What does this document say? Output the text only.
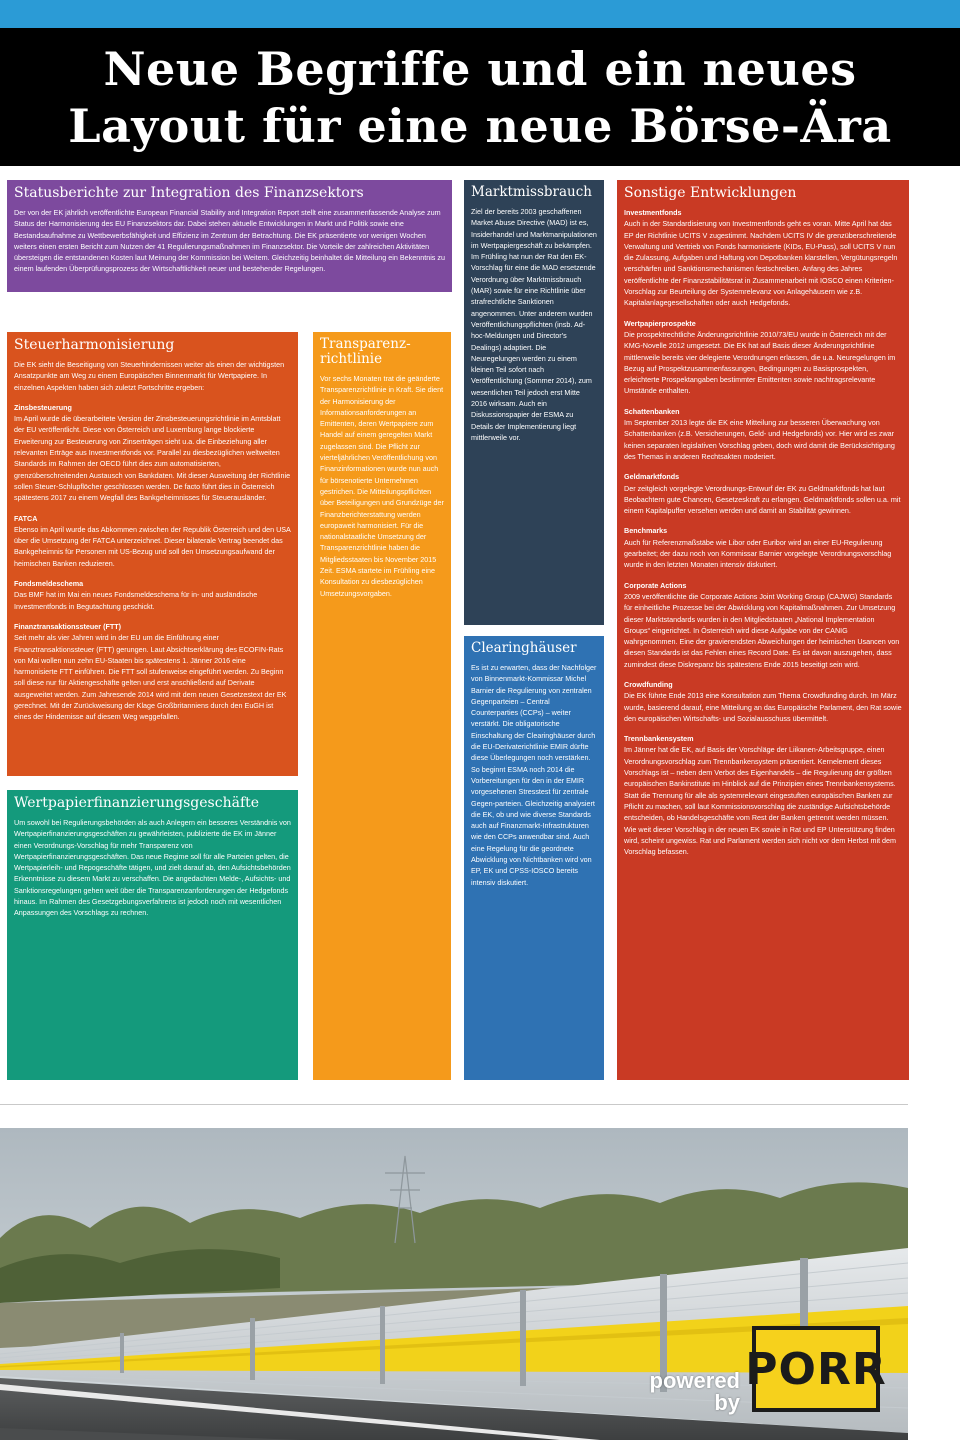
Neue Begriffe und ein neues
Layout für eine neue Börse-Ära
Statusberichte zur Integration des Finanzsektors

Der von der EK jährlich veröffentlichte European Financial Stability and Integration Report stellt eine zusammenfassende Analyse zum Status der Harmonisierung des EU Finanzsektors dar. Dabei stehen aktuelle Entwicklungen in Markt und Politik sowie eine Bestandsaufnahme zu Wettbewerbsfähigkeit und Effizienz im Zentrum der Betrachtung. Die EK präsentierte vor wenigen Wochen weiters einen ersten Bericht zum Nutzen der 41 Regulierungsmaßnahmen im Finanzsektor. Die Vorteile der zahlreichen Aktivitäten übersteigen die entstandenen Kosten laut Meinung der Kommission bei Weitem. Gleichzeitig beinhaltet die Mitteilung ein Bekenntnis zu einem laufenden Überprüfungsprozess der Wirtschaftlichkeit neuer und bestehender Regelungen.

Steuerharmonisierung

Die EK sieht die Beseitigung von Steuerhindernissen weiter als einen der wichtigsten Ansatzpunkte am Weg zu einem Europäischen Binnenmarkt für Wertpapiere. In einzelnen Aspekten haben sich zuletzt Fortschritte ergeben:

Zinsbesteuerung
Im April wurde die überarbeitete Version der Zinsbesteuerungsrichtlinie im Amtsblatt der EU veröffentlicht. Diese von Österreich und Luxemburg lange blockierte Erweiterung zur Besteuerung von Zinserträgen sieht u.a. die Einbeziehung aller relevanten Erträge aus Investmentfonds vor. Parallel zu diesbezüglichen weltweiten Standards im Rahmen der OECD führt dies zum automatisierten, grenzüberschreitenden Austausch von Bankdaten. Mit dieser Ausweitung der Richtlinie sollen Steuer-Schlupflöcher geschlossen werden. De facto führt dies in Österreich spätestens 2017 zu einem Wegfall des Bankgeheimnisses für Steuerausländer.

FATCA
Ebenso im April wurde das Abkommen zwischen der Republik Österreich und den USA über die Umsetzung der FATCA unterzeichnet. Dieser bilaterale Vertrag beendet das Bankgeheimnis für Personen mit US-Bezug und soll den Umsetzungsaufwand der heimischen Banken reduzieren.

Fondsmeldeschema
Das BMF hat im Mai ein neues Fondsmeldeschema für in- und ausländische Investmentfonds in Begutachtung geschickt.

Finanztransaktionssteuer (FTT)
Seit mehr als vier Jahren wird in der EU um die Einführung einer Finanztransaktionssteuer (FTT) gerungen. Laut Absichtserklärung des ECOFIN-Rats von Mai wollen nun zehn EU-Staaten bis spätestens 1. Jänner 2016 eine harmonisierte FTT einführen. Die FTT soll stufenweise eingeführt werden. Zu Beginn soll diese nur für Aktiengeschäfte gelten und erst anschließend auf Derivate ausgeweitet werden. Zum Jahresende 2014 wird mit dem neuen Gesetzestext der EK gerechnet. Mit der Zurückweisung der Klage Großbritanniens durch den EuGH ist eines der Hindernisse auf diesem Weg weggefallen.

Transparenz-richtlinie

Vor sechs Monaten trat die geänderte Transparenzrichtlinie in Kraft. Sie dient der Harmonisierung der Informationsanforderungen an Emittenten, deren Wertpapiere zum Handel auf einem geregelten Markt zugelassen sind. Die Pflicht zur vierteljährlichen Veröffentlichung von Finanzinformationen wurde nun auch für börsenotierte Unternehmen gestrichen. Die Mitteilungspflichten über Beteiligungen und Grundzüge der Finanzberichterstattung werden europaweit harmonisiert. Für die nationalstaatliche Umsetzung der Transparenzrichtlinie haben die Mitgliedsstaaten bis November 2015 Zeit. ESMA startete im Frühling eine Konsultation zu diesbezüglichen Umsetzungsvorgaben.

Marktmissbrauch

Ziel der bereits 2003 geschaffenen Market Abuse Directive (MAD) ist es, Insiderhandel und Marktmanipulationen im Wertpapiergeschäft zu bekämpfen. Im Frühling hat nun der Rat den EK-Vorschlag für eine die MAD ersetzende Verordnung über Marktmissbrauch (MAR) sowie für eine Richtlinie über strafrechtliche Sanktionen angenommen. Unter anderem wurden Veröffentlichungspflichten (insb. Ad-hoc-Meldungen und Director's Dealings) adaptiert. Die Neuregelungen werden zu einem kleinen Teil sofort nach Veröffentlichung (Sommer 2014), zum wesentlichen Teil jedoch erst Mitte 2016 wirksam. Auch ein Diskussionspapier der ESMA zu Details der Implementierung liegt mittlerweile vor.

Clearinghäuser

Es ist zu erwarten, dass der Nachfolger von Binnenmarkt-Kommissar Michel Barnier die Regulierung von zentralen Gegenparteien – Central Counterparties (CCPs) – weiter verstärkt. Die obligatorische Einschaltung der Clearinghäuser durch die EU-Derivaterichtlinie EMIR dürfte diese Überlegungen noch verstärken. So beginnt ESMA noch 2014 die Vorbereitungen für den in der EMIR vorgesehenen Stresstest für zentrale Gegen-parteien. Gleichzeitig analysiert die EK, ob und wie diverse Standards auch auf Finanzmarkt-Infrastrukturen wie den CCPs anwendbar sind. Auch eine Regelung für die geordnete Abwicklung von Nichtbanken wird von EP, EK und CPSS-IOSCO bereits intensiv diskutiert.

Sonstige Entwicklungen

Investmentfonds
Auch in der Standardisierung von Investmentfonds geht es voran. Mitte April hat das EP der Richtlinie UCITS V zugestimmt. Nachdem UCITS IV die grenzüberschreitende Verwaltung und Vertrieb von Fonds harmonisierte (KIDs, EU-Pass), soll UCITS V nun die Zulassung, Aufgaben und Haftung von Depotbanken klarstellen, Vergütungsregeln verschärfen und Sanktionsmechanismen festschreiben. Anfang des Jahres veröffentlichte der Finanzstabilitätsrat in Zusammenarbeit mit IOSCO einen Kriterien-Vorschlag zur Beurteilung der Systemrelevanz von Anlagehäusern wie z.B. Kapitalanlagegesellschaften oder auch Hedgefonds.

Wertpapierprospekte
Die prospektrechtliche Änderungsrichtlinie 2010/73/EU wurde in Österreich mit der KMG-Novelle 2012 umgesetzt. Die EK hat auf Basis dieser Änderungsrichtlinie mittlerweile bereits vier delegierte Verordnungen erlassen, die u.a. Neuregelungen im Bezug auf Prospektzusammenfassungen, Bedingungen zu Basisprospekten, erleichterte Prospektangaben bestimmter Emittenten sowie nachtragsrelevante Umstände enthalten.

Schattenbanken
Im September 2013 legte die EK eine Mitteilung zur besseren Überwachung von Schattenbanken (z.B. Versicherungen, Geld- und Hedgefonds) vor. Hier wird es zwar keinen separaten legislativen Vorschlag geben, doch wird damit die Berücksichtigung des Themas in anderen Rechtsakten moderiert.

Geldmarktfonds
Der zeitgleich vorgelegte Verordnungs-Entwurf der EK zu Geldmarktfonds hat laut Beobachtern gute Chancen, Gesetzeskraft zu erlangen. Geldmarktfonds sollen u.a. mit einem Kapitalpuffer versehen werden und damit an Stabilität gewinnen.

Benchmarks
Auch für Referenzmaßstäbe wie Libor oder Euribor wird an einer EU-Regulierung gearbeitet; der dazu noch von Kommissar Barnier vorgelegte Verordnungsvorschlag wurde in den letzten Monaten intensiv diskutiert.

Corporate Actions
2009 veröffentlichte die Corporate Actions Joint Working Group (CAJWG) Standards für einheitliche Prozesse bei der Abwicklung von Kapitalmaßnahmen. Zur Umsetzung dieser Marktstandards wurden in den Mitgliedstaaten „National Implementation Groups“ eingerichtet. In Österreich wird diese Aufgabe von der CANIG wahrgenommen. Eine der gravierendsten Abweichungen der heimischen Usancen von diesen Standards ist das Fehlen eines Record Date. Es ist davon auszugehen, dass zumindest diese Diskrepanz bis spätestens Ende 2015 beseitigt sein wird.

Crowdfunding
Die EK führte Ende 2013 eine Konsultation zum Thema Crowdfunding durch. Im März wurde, basierend darauf, eine Mitteilung an das Europäische Parlament, den Rat sowie den europäischen Wirtschafts- und Sozialausschuss übermittelt.

Trennbankensystem
Im Jänner hat die EK, auf Basis der Vorschläge der Liikanen-Arbeitsgruppe, einen Verordnungsvorschlag zum Trennbankensystem präsentiert. Kernelement dieses Vorschlags ist – neben dem Verbot des Eigenhandels – die Regulierung der größten europäischen Bankinstitute im Hinblick auf die Prinzipien eines Trennbankensystems. Statt die Trennung für alle als systemrelevant eingestuften europäischen Banken zur Pflicht zu machen, soll laut Kommissionsvorschlag die zuständige Aufsichtsbehörde entscheiden, ob Handelsgeschäfte vom Rest der Banken getrennt werden müssen. Wie weit dieser Vorschlag in der neuen EK sowie in Rat und EP Unterstützung finden wird, scheint ungewiss. Rat und Parlament werden sich nicht vor dem Herbst mit dem Vorschlag befassen.

Wertpapierfinanzierungsgeschäfte

Um sowohl bei Regulierungsbehörden als auch Anlegern ein besseres Verständnis von Wertpapierfinanzierungsgeschäften zu gewährleisten, publizierte die EK im Jänner einen Verordnungs-Vorschlag für mehr Transparenz von Wertpapierfinanzierungsgeschäften. Das neue Regime soll für alle Parteien gelten, die Wertpapierleih- und Repogeschäfte tätigen, und zielt darauf ab, den Aufsichtsbehörden Erkenntnisse zu diesem Markt zu verschaffen. Die angedachten Melde-, Aufsichts- und Sanktionsregelungen gehen weit über die Transparenzanforderungen der Hedgefonds hinaus. Im Rahmen des Gesetzgebungsverfahrens ist jedoch noch mit wesentlichen Anpassungen des Vorschlags zu rechnen.

powered
by
PORR
